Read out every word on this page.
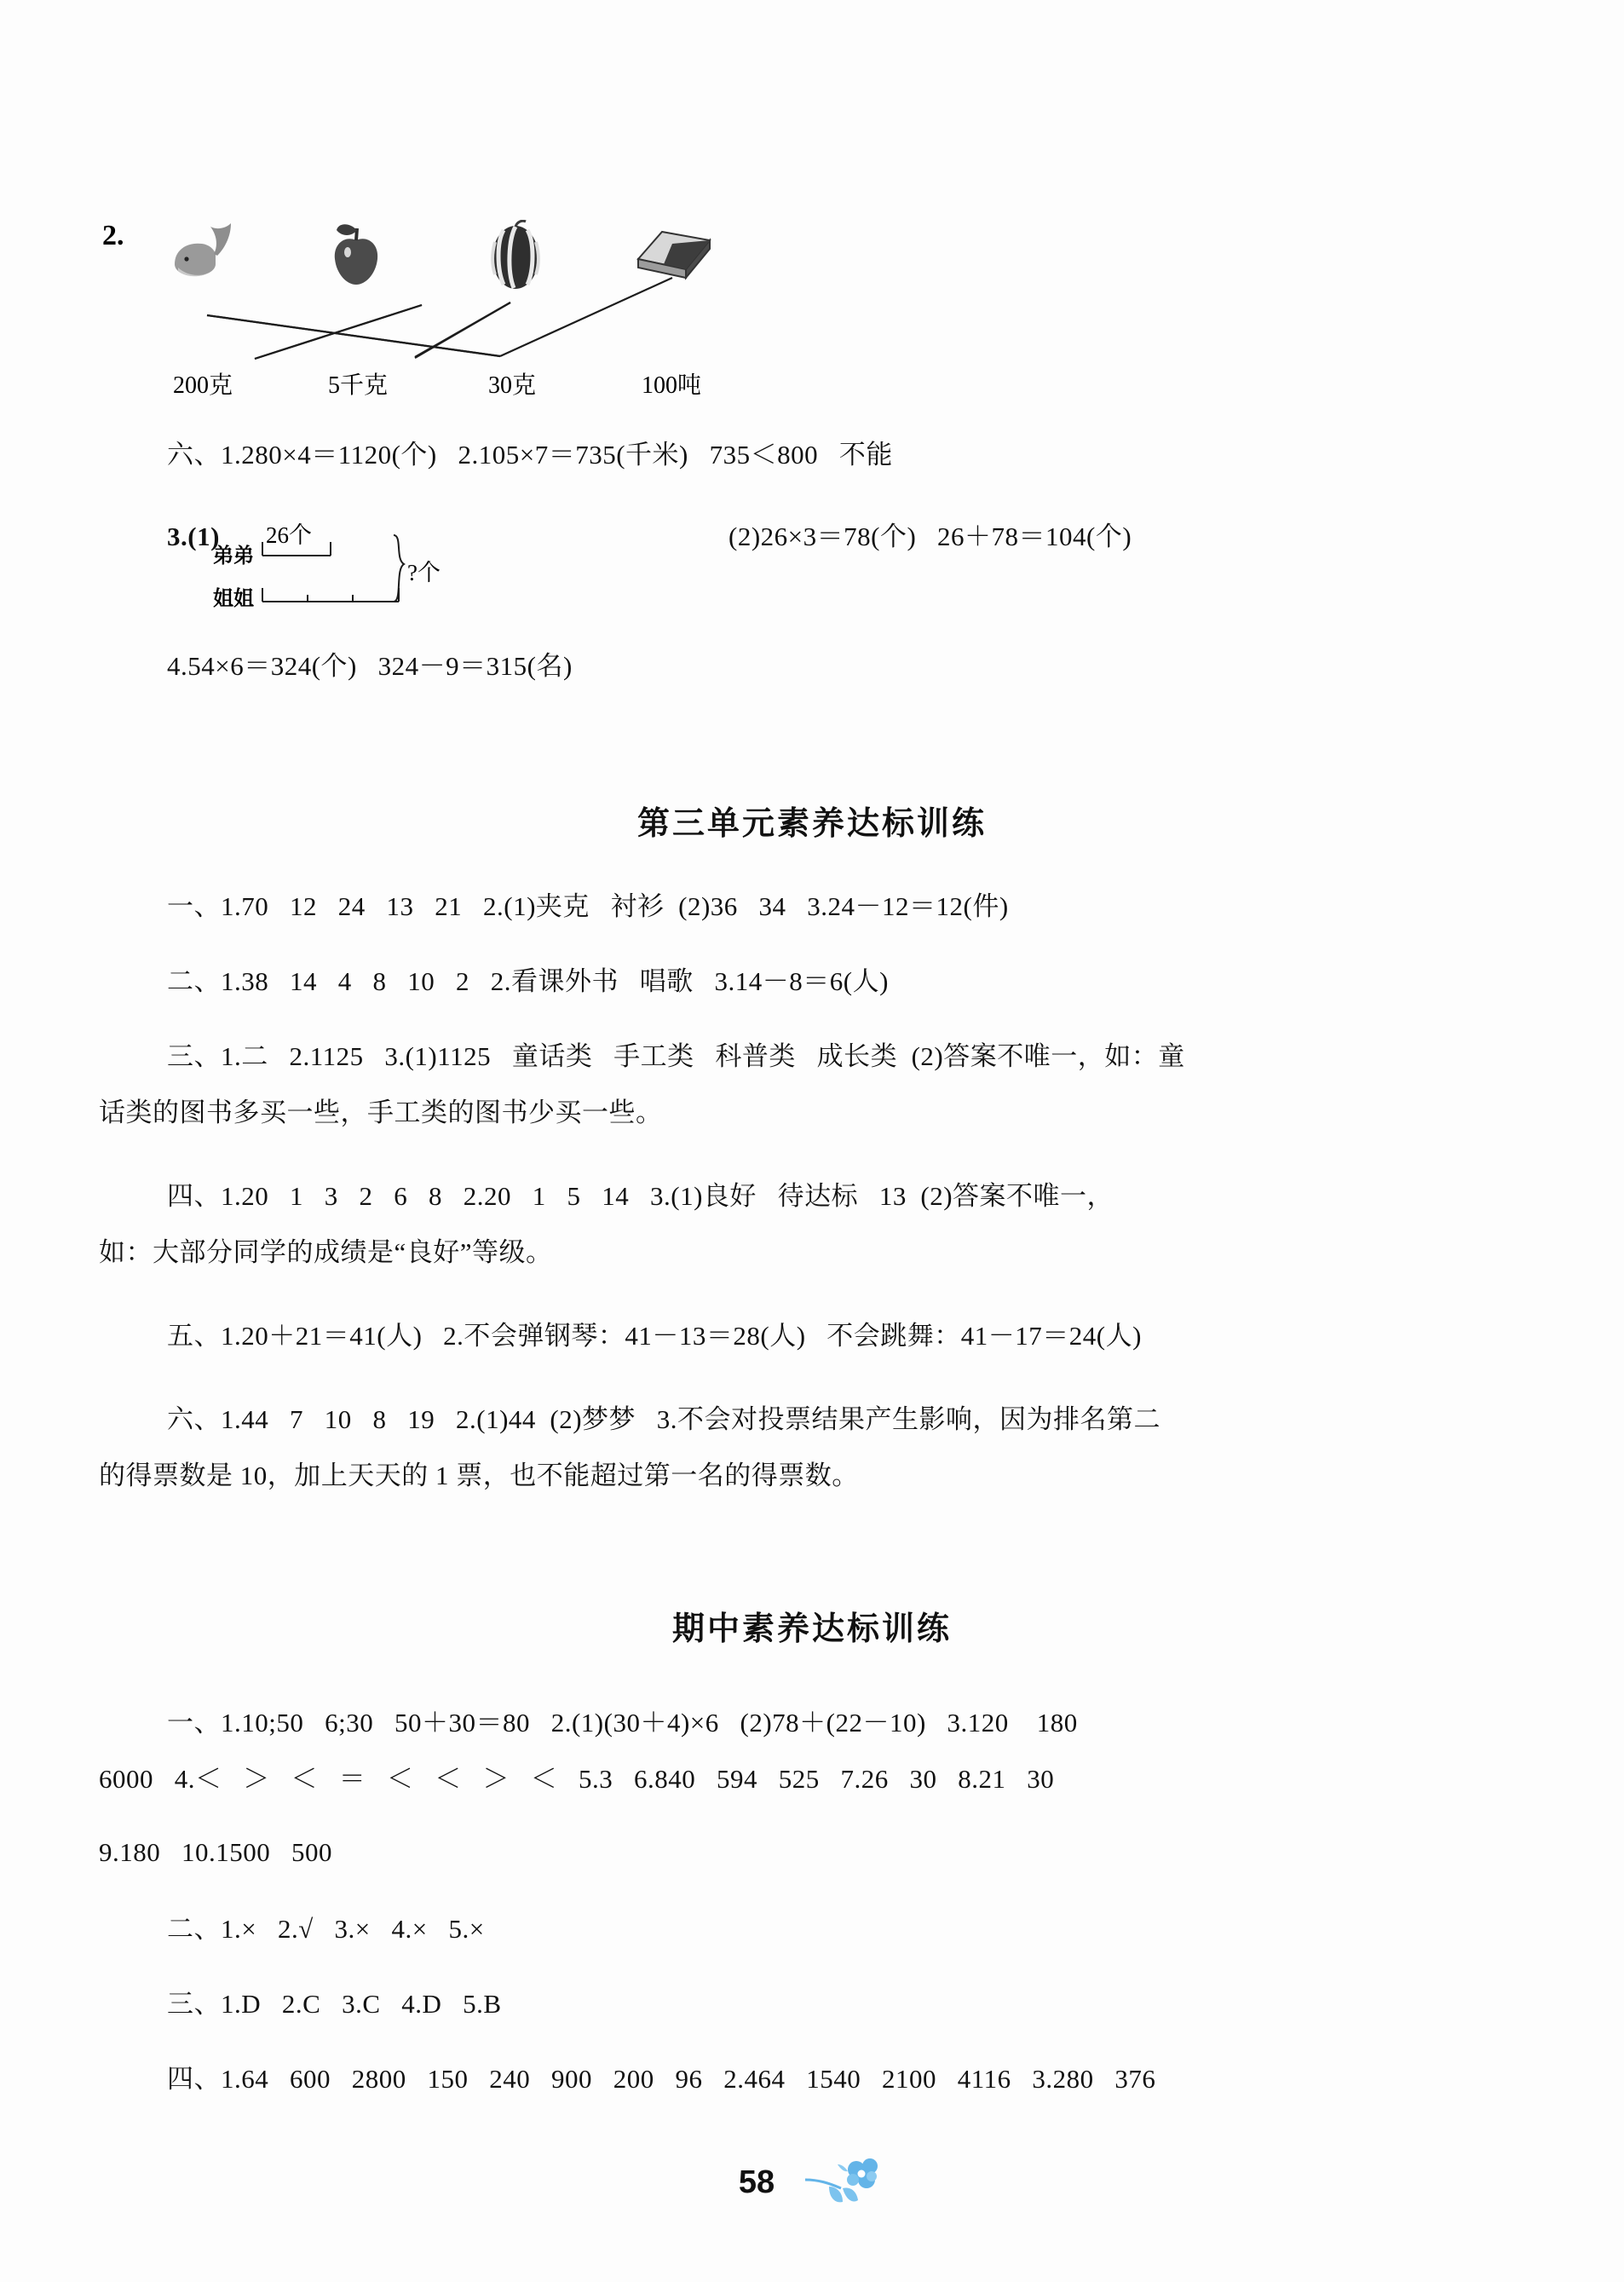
2.
200克	5千克	30克	100吨
六、1.280×4＝1120(个)   2.105×7＝735(千米)   735＜800   不能
(2)26×3＝78(个)   26＋78＝104(个)
3.(1)
弟弟
姐姐
26个
?个
4.54×6＝324(个)   324－9＝315(名)
第三单元素养达标训练
一、1.70   12   24   13   21   2.(1)夹克   衬衫  (2)36   34   3.24－12＝12(件)
二、1.38   14   4   8   10   2   2.看课外书   唱歌   3.14－8＝6(人)
三、1.二   2.1125   3.(1)1125   童话类   手工类   科普类   成长类  (2)答案不唯一，如：童
话类的图书多买一些，手工类的图书少买一些。
四、1.20   1   3   2   6   8   2.20   1   5   14   3.(1)良好   待达标   13  (2)答案不唯一，
如：大部分同学的成绩是“良好”等级。
五、1.20＋21＝41(人)   2.不会弹钢琴：41－13＝28(人)   不会跳舞：41－17＝24(人)
六、1.44   7   10   8   19   2.(1)44  (2)梦梦   3.不会对投票结果产生影响，因为排名第二
的得票数是 10，加上天天的 1 票，也不能超过第一名的得票数。
期中素养达标训练
一、1.10;50   6;30   50＋30＝80   2.(1)(30＋4)×6   (2)78＋(22－10)   3.120    180
6000   4.＜   ＞   ＜   ＝   ＜   ＜   ＞   ＜   5.3   6.840   594   525   7.26   30   8.21   30
9.180   10.1500   500
二、1.×   2.√   3.×   4.×   5.×
三、1.D   2.C   3.C   4.D   5.B
四、1.64   600   2800   150   240   900   200   96   2.464   1540   2100   4116   3.280   376
58
